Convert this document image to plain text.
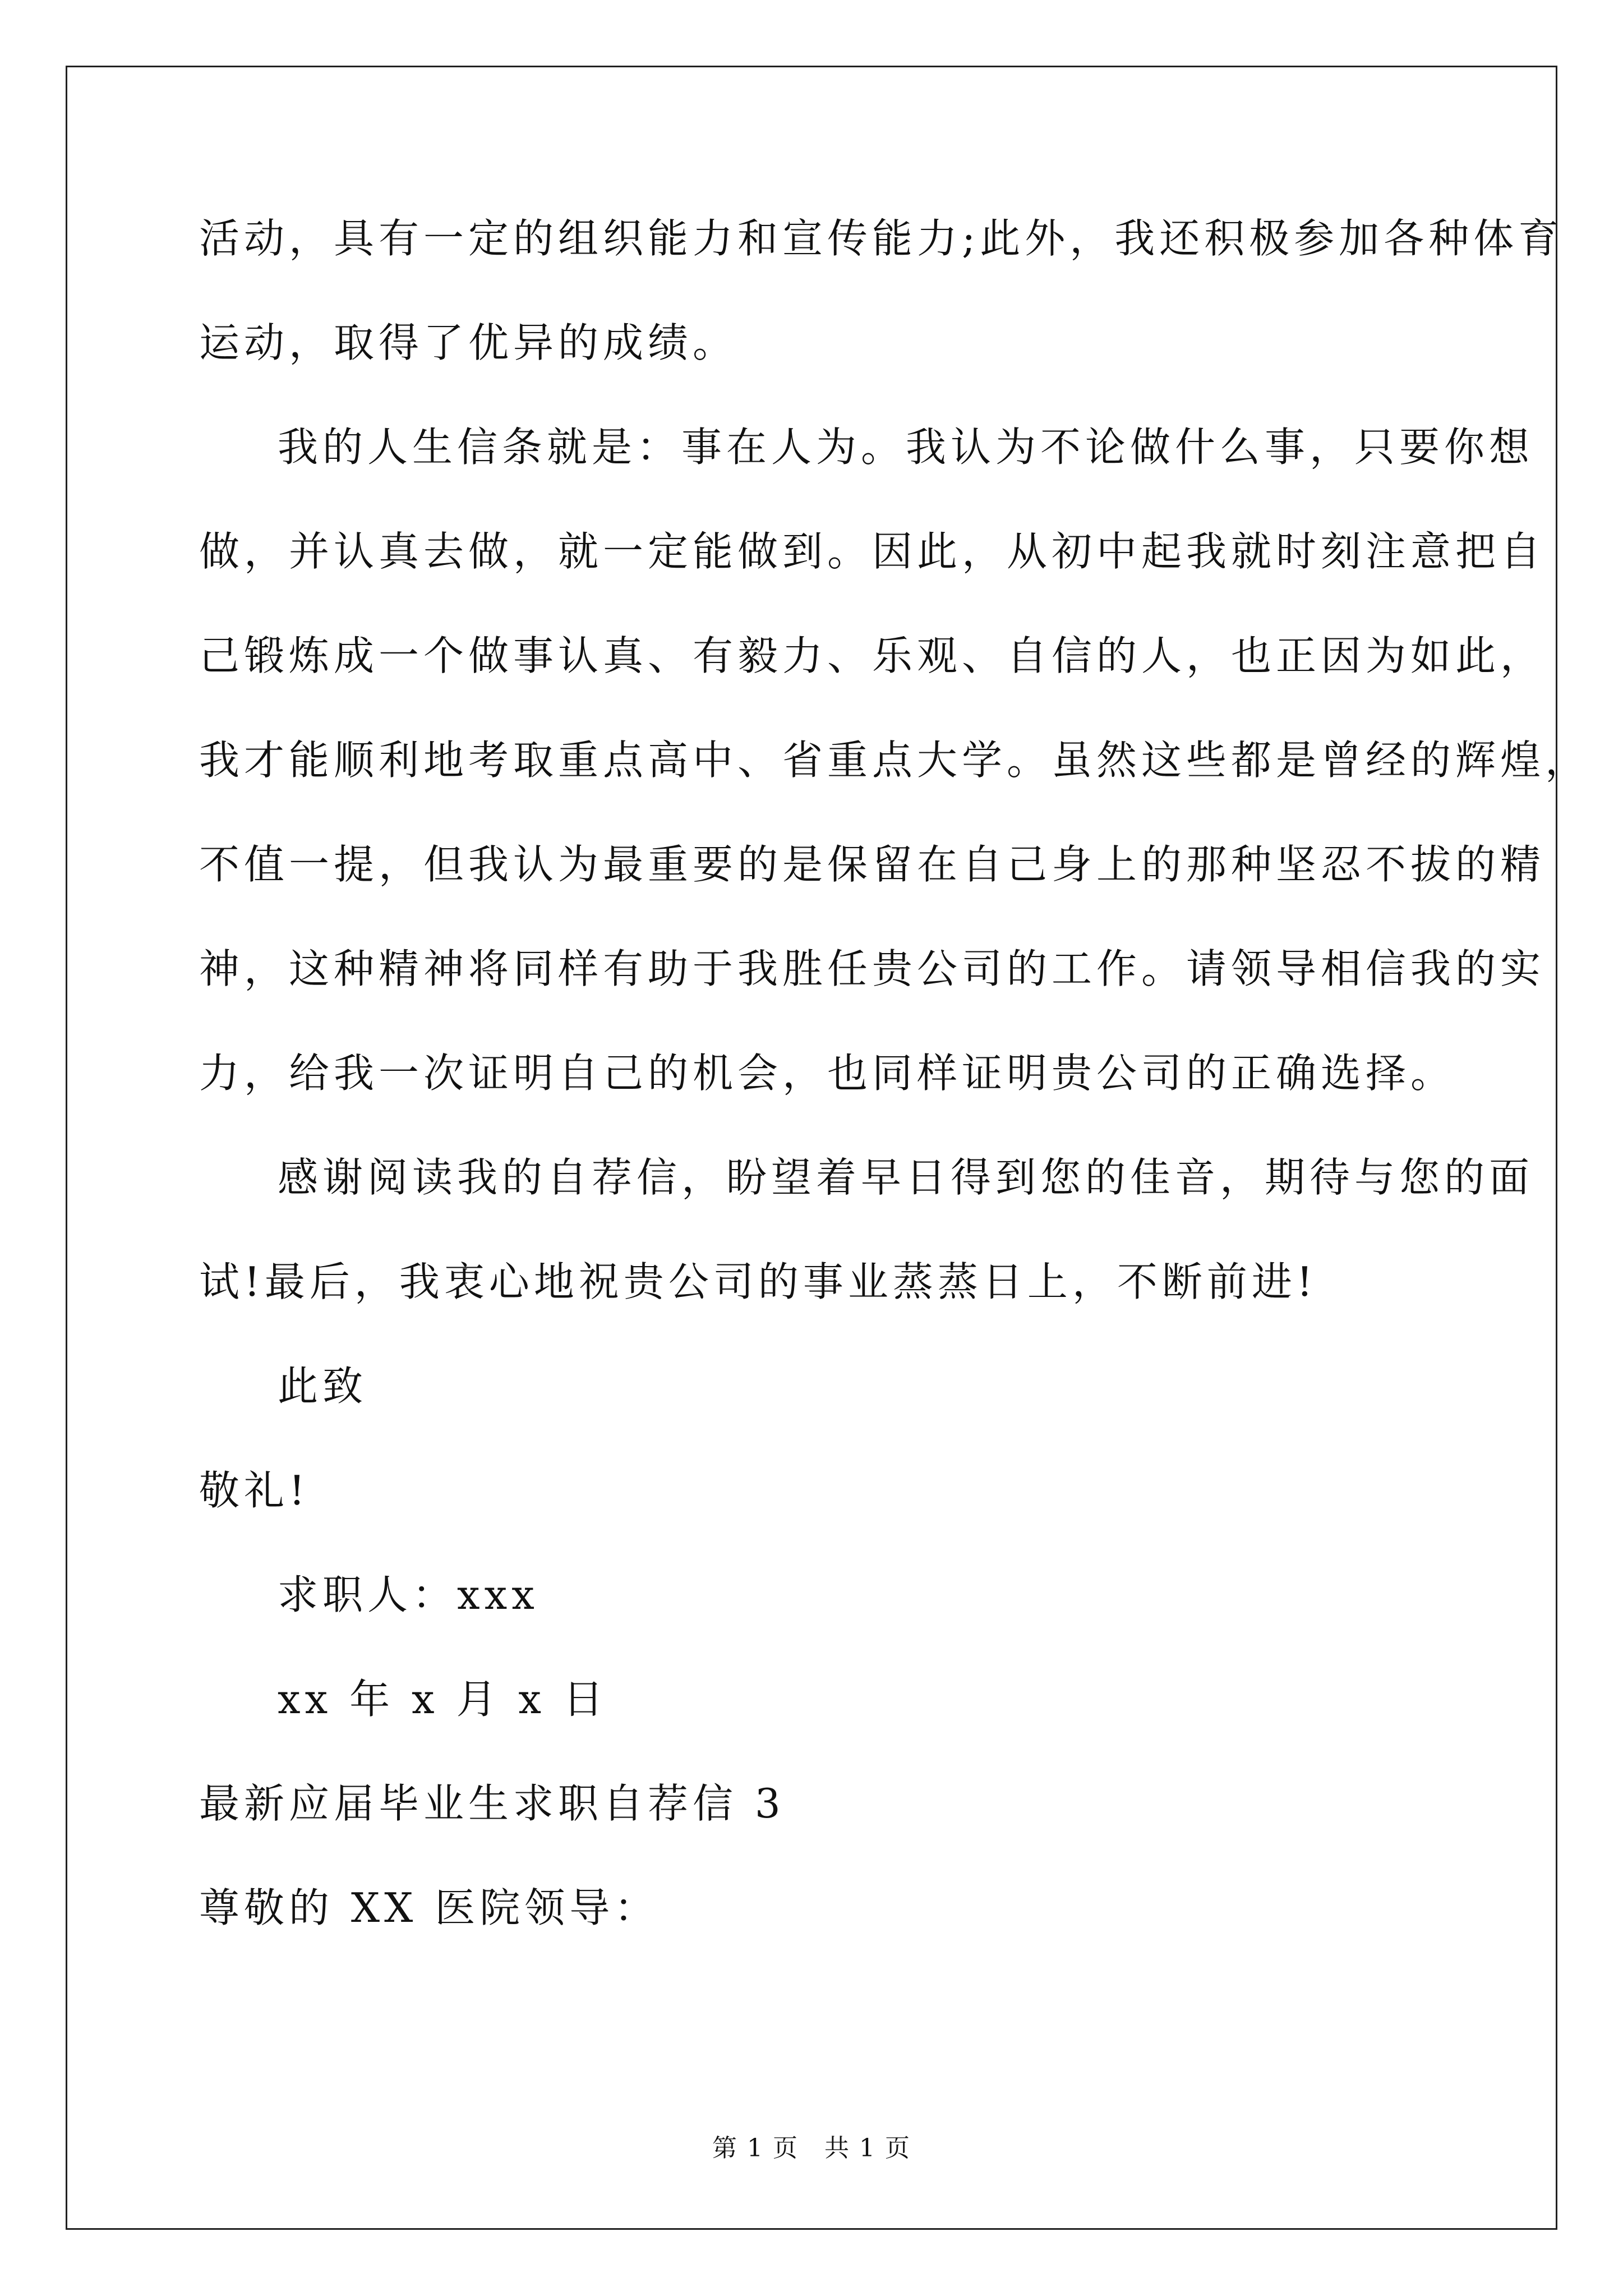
活动，具有一定的组织能力和宣传能力;此外，我还积极参加各种体育
运动，取得了优异的成绩。
我的人生信条就是：事在人为。我认为不论做什么事，只要你想
做，并认真去做，就一定能做到。因此，从初中起我就时刻注意把自
己锻炼成一个做事认真、有毅力、乐观、自信的人，也正因为如此，
我才能顺利地考取重点高中、省重点大学。虽然这些都是曾经的辉煌，
不值一提，但我认为最重要的是保留在自己身上的那种坚忍不拔的精
神，这种精神将同样有助于我胜任贵公司的工作。请领导相信我的实
力，给我一次证明自己的机会，也同样证明贵公司的正确选择。
感谢阅读我的自荐信，盼望着早日得到您的佳音，期待与您的面
试!最后，我衷心地祝贵公司的事业蒸蒸日上，不断前进!
此致
敬礼!
求职人：xxx
xx 年 x 月 x 日
最新应届毕业生求职自荐信 3
尊敬的 XX 医院领导：
第 1 页　共 1 页
